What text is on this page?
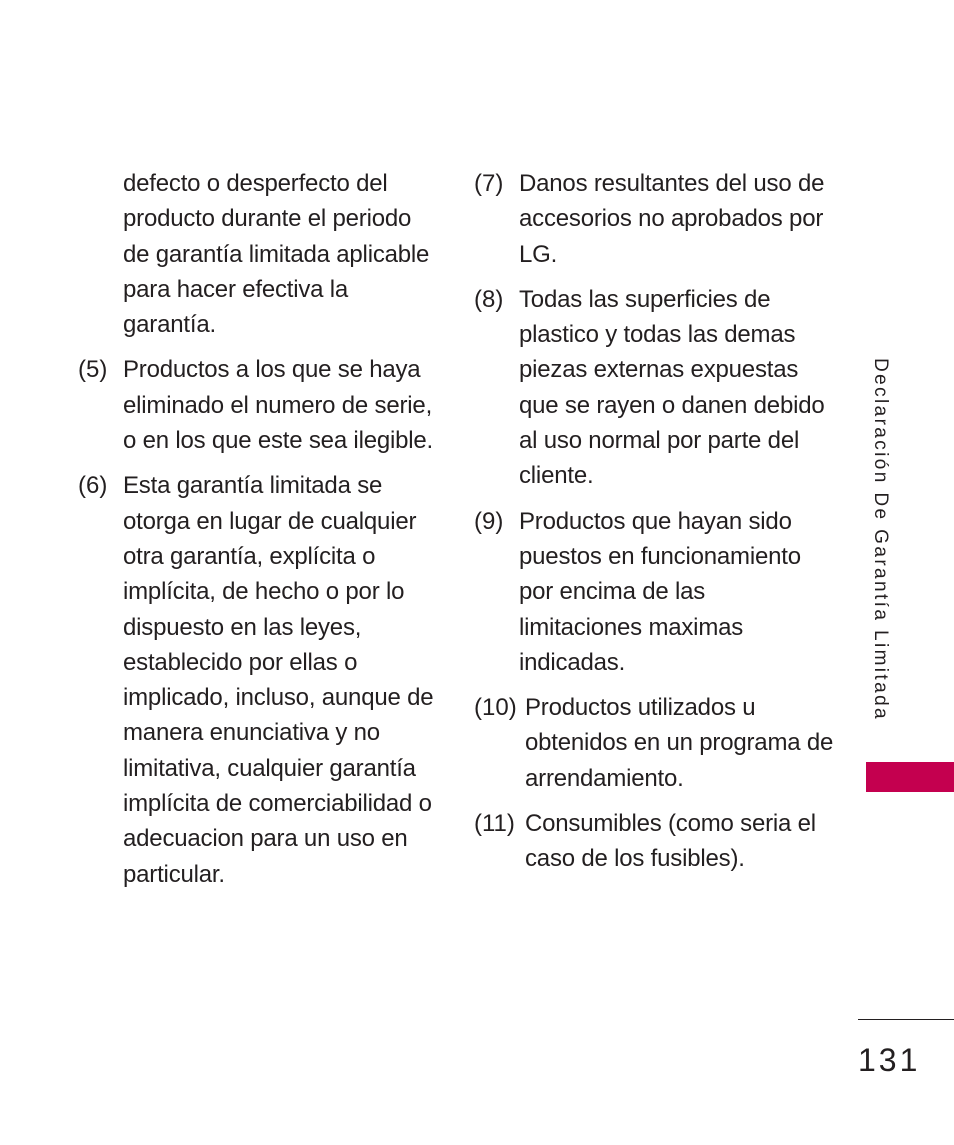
defecto o desperfecto del producto durante el periodo de garantía limitada aplicable para hacer efectiva la garantía.

(5) Productos a los que se haya eliminado el numero de serie, o en los que este sea ilegible.

(6) Esta garantía limitada se otorga en lugar de cualquier otra garantía, explícita o implícita, de hecho o por lo dispuesto en las leyes, establecido por ellas o implicado, incluso, aunque de manera enunciativa y no limitativa, cualquier garantía implícita de comerciabilidad o adecuacion para un uso en particular.

(7) Danos resultantes del uso de accesorios no aprobados por LG.

(8) Todas las superficies de plastico y todas las demas piezas externas expuestas que se rayen o danen debido al uso normal por parte del cliente.

(9) Productos que hayan sido puestos en funcionamiento por encima de las limitaciones maximas indicadas.

(10) Productos utilizados u obtenidos en un programa de arrendamiento.

(11) Consumibles (como seria el caso de los fusibles).

Declaración De Garantía Limitada
131
